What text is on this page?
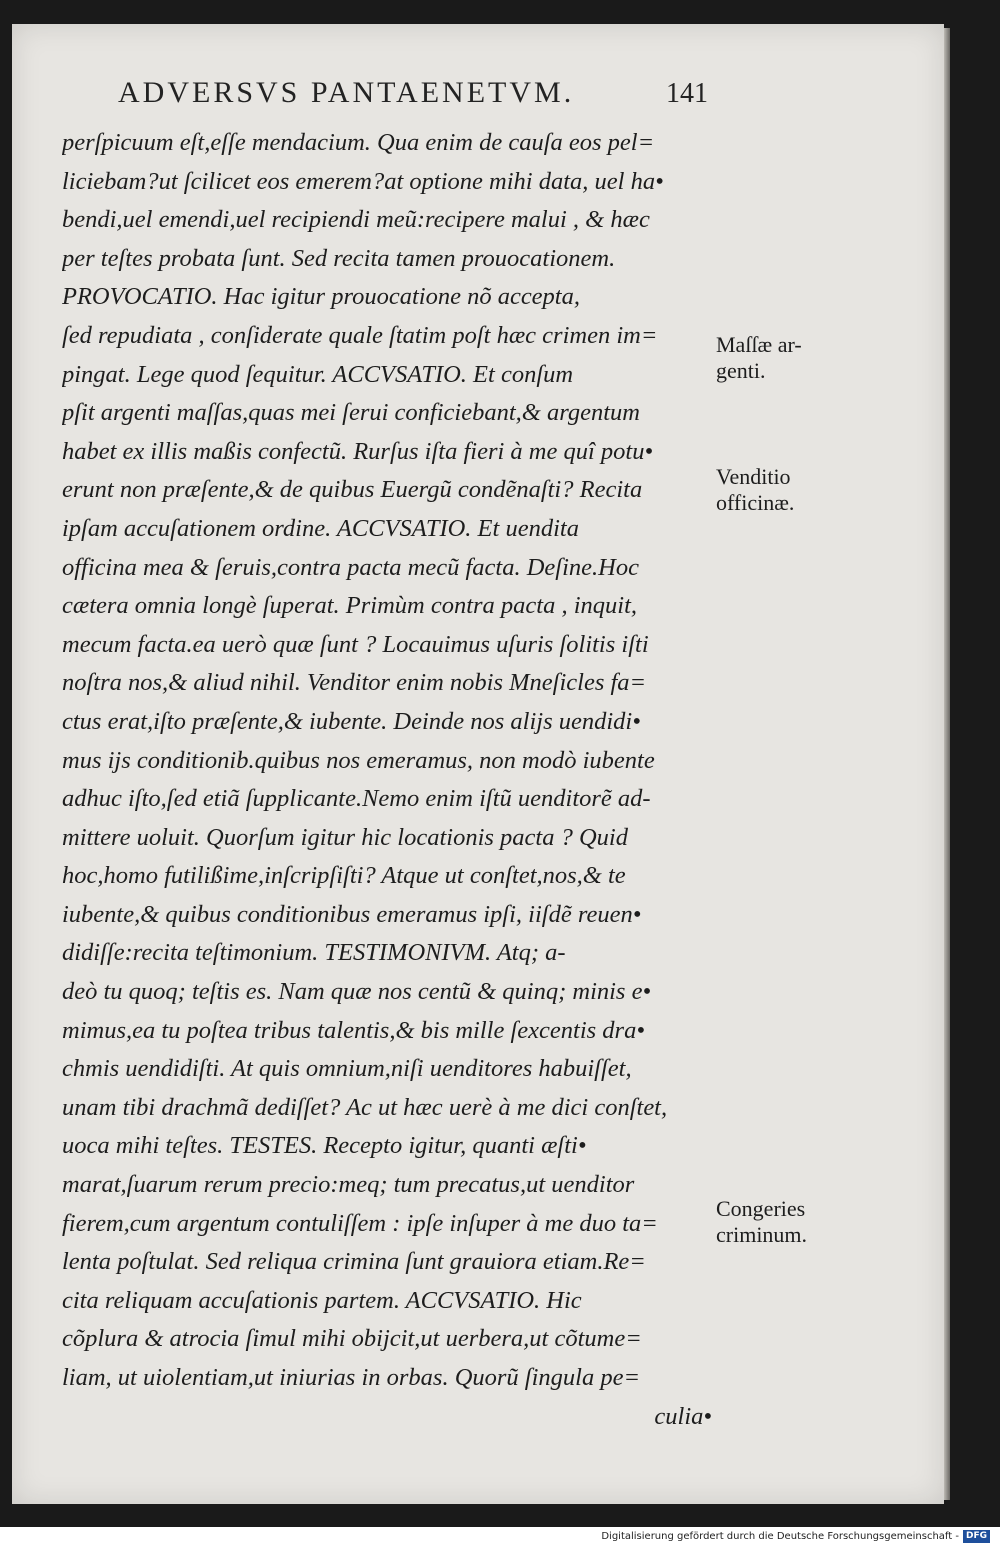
ADVERSVS PANTAENETVM.	141
perſpicuum eſt,eſſe mendacium. Qua enim de cauſa eos pel=
liciebam?ut ſcilicet eos emerem?at optione mihi data, uel ha•
bendi,uel emendi,uel recipiendi meũ:recipere malui , & hæc
per teſtes probata ſunt. Sed recita tamen prouocationem.
PROVOCATIO. Hac igitur prouocatione nõ accepta,
ſed repudiata , conſiderate quale ſtatim poſt hæc crimen im=
pingat. Lege quod ſequitur. ACCVSATIO. Et conſum
pſit argenti maſſas,quas mei ſerui conficiebant,& argentum
habet ex illis maßis confectũ. Rurſus iſta fieri à me quî potu•
erunt non præſente,& de quibus Euergũ condẽnaſti? Recita
ipſam accuſationem ordine. ACCVSATIO. Et uendita
officina mea & ſeruis,contra pacta mecũ facta. Deſine.Hoc
cætera omnia longè ſuperat. Primùm contra pacta , inquit,
mecum facta.ea uerò quæ ſunt ? Locauimus uſuris ſolitis iſti
noſtra nos,& aliud nihil. Venditor enim nobis Mneſicles fa=
ctus erat,iſto præſente,& iubente. Deinde nos alijs uendidi•
mus ijs conditionib.quibus nos emeramus, non modò iubente
adhuc iſto,ſed etiã ſupplicante.Nemo enim iſtũ uenditorẽ ad-
mittere uoluit. Quorſum igitur hic locationis pacta ? Quid
hoc,homo futilißime,inſcripſiſti? Atque ut conſtet,nos,& te
iubente,& quibus conditionibus emeramus ipſi, iiſdẽ reuen•
didiſſe:recita teſtimonium. TESTIMONIVM. Atq; a-
deò tu quoq; teſtis es. Nam quæ nos centũ & quinq; minis e•
mimus,ea tu poſtea tribus talentis,& bis mille ſexcentis dra•
chmis uendidiſti. At quis omnium,niſi uenditores habuiſſet,
unam tibi drachmã dediſſet? Ac ut hæc uerè à me dici conſtet,
uoca mihi teſtes. TESTES. Recepto igitur, quanti æſti•
marat,ſuarum rerum precio:meq; tum precatus,ut uenditor
fierem,cum argentum contuliſſem : ipſe inſuper à me duo ta=
lenta poſtulat. Sed reliqua crimina ſunt grauiora etiam.Re=
cita reliquam accuſationis partem. ACCVSATIO. Hic
cõplura & atrocia ſimul mihi obijcit,ut uerbera,ut cõtume=
liam, ut uiolentiam,ut iniurias in orbas. Quorũ ſingula pe=
culia•
Maſſæ ar-
genti.
Venditio
officinæ.
Congeries
criminum.
Digitalisierung gefördert durch die Deutsche Forschungsgemeinschaft - DFG
